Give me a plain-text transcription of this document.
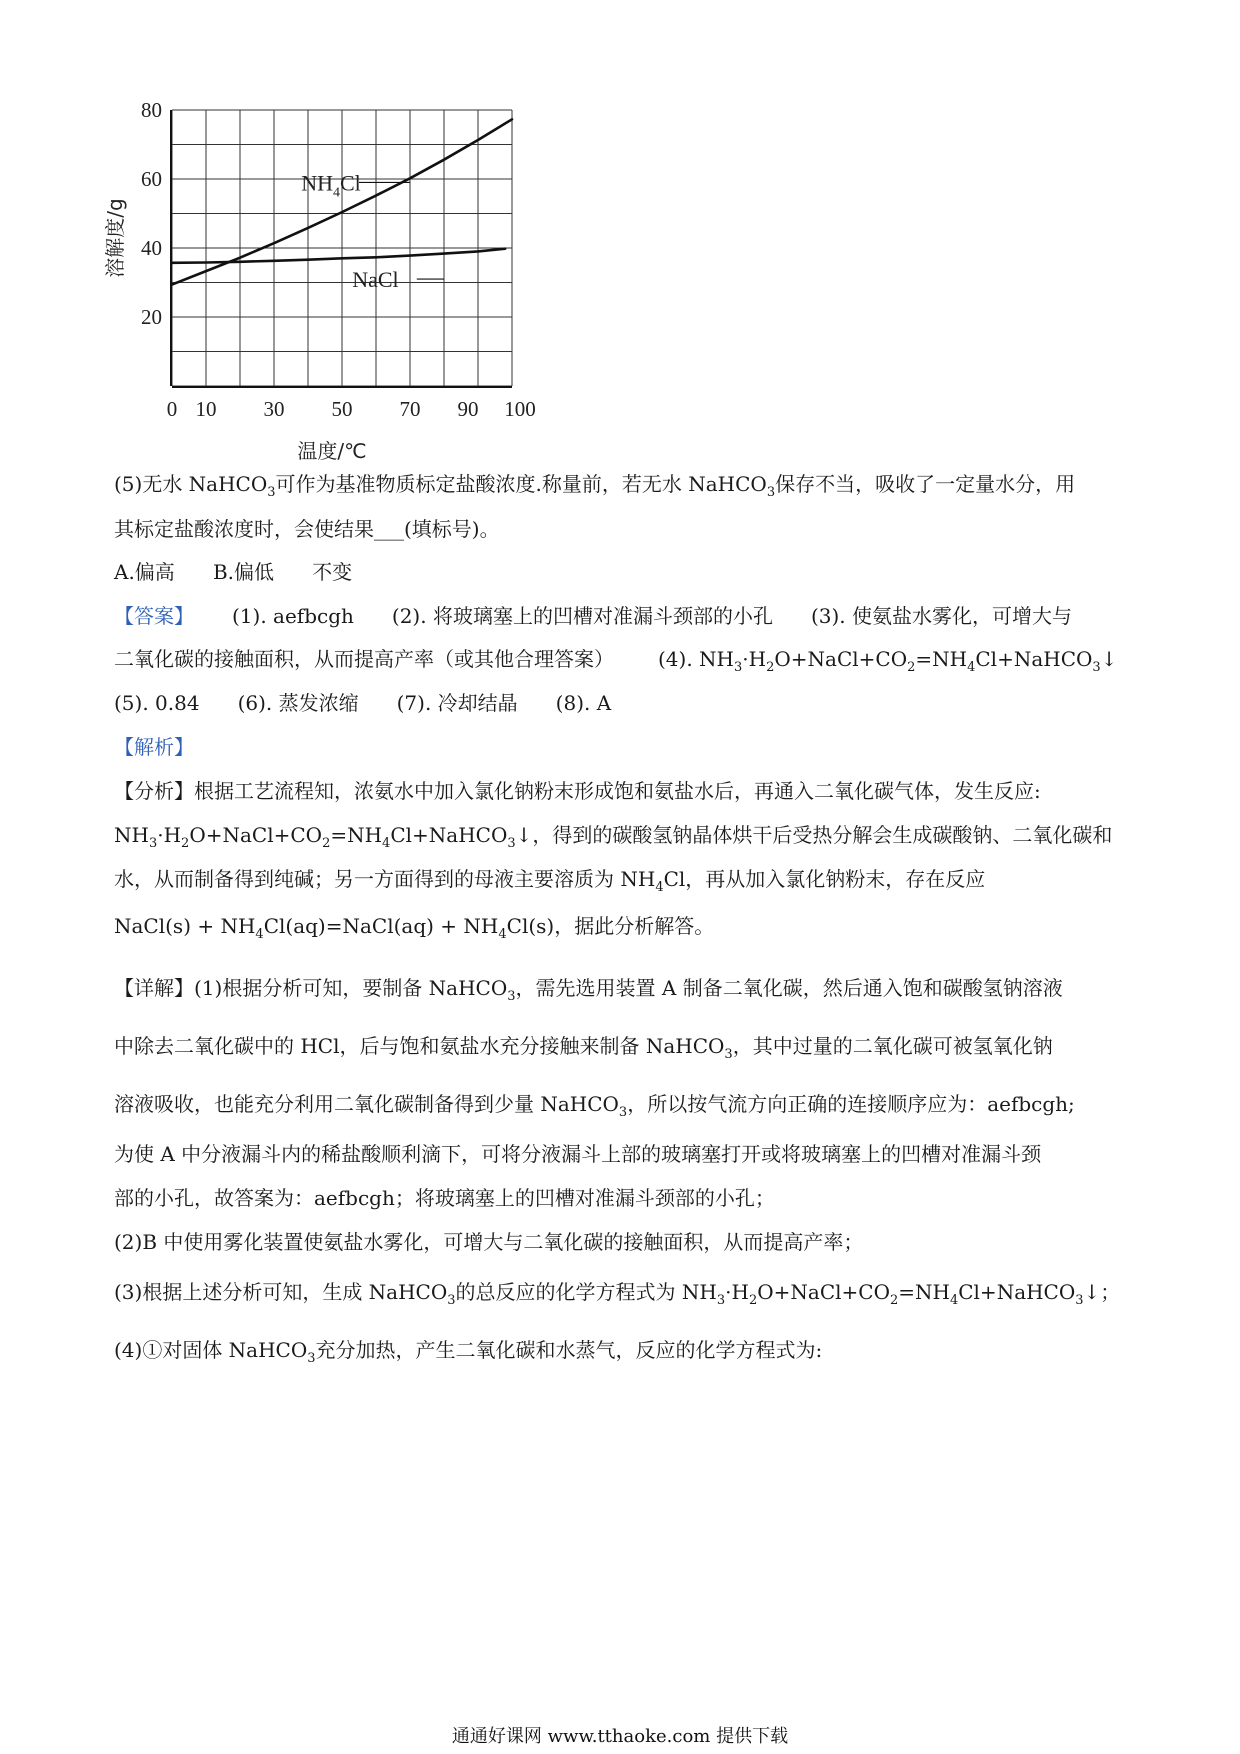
20
40
60
80
0 10 30 50 70 90 100
温度/℃
溶解度/g
$NH_4Cl$
NaCl
(5)无水 NaHCO$_3$可作为基准物质标定盐酸浓度.称量前，若无水 NaHCO$_3$保存不当，吸收了一定量水分，用
其标定盐酸浓度时，会使结果___(填标号)。
A.偏高      B.偏低      不变
【答案】 (1). aefbcgh (2). 将玻璃塞上的凹槽对准漏斗颈部的小孔 (3). 使氨盐水雾化，可增大与
二氧化碳的接触面积，从而提高产率（或其他合理答案） (4). $NH_3\cdot H_2O+NaCl+CO_2=NH_4Cl+NaHCO_3↓$
(5). 0.84 (6). 蒸发浓缩 (7). 冷却结晶 (8). A
【解析】
【分析】根据工艺流程知，浓氨水中加入氯化钠粉末形成饱和氨盐水后，再通入二氧化碳气体，发生反应:
$NH_3\cdot H_2O+NaCl+CO_2=NH_4Cl+NaHCO_3↓$，得到的碳酸氢钠晶体烘干后受热分解会生成碳酸钠、二氧化碳和
水，从而制备得到纯碱；另一方面得到的母液主要溶质为 $NH_4Cl$，再从加入氯化钠粉末，存在反应
NaCl(s) + $NH_4Cl(aq)=NaCl(aq) + NH_4Cl(s)$，据此分析解答。
【详解】(1)根据分析可知，要制备 NaHCO$_3$，需先选用装置 A 制备二氧化碳，然后通入饱和碳酸氢钠溶液
中除去二氧化碳中的 HCl，后与饱和氨盐水充分接触来制备 NaHCO$_3$，其中过量的二氧化碳可被氢氧化钠
溶液吸收，也能充分利用二氧化碳制备得到少量 NaHCO$_3$，所以按气流方向正确的连接顺序应为：aefbcgh;
为使 A 中分液漏斗内的稀盐酸顺利滴下，可将分液漏斗上部的玻璃塞打开或将玻璃塞上的凹槽对准漏斗颈
部的小孔，故答案为：aefbcgh；将玻璃塞上的凹槽对准漏斗颈部的小孔；
(2)B 中使用雾化装置使氨盐水雾化，可增大与二氧化碳的接触面积，从而提高产率；
(3)根据上述分析可知，生成 NaHCO$_3$的总反应的化学方程式为 $NH_3\cdot H_2O+NaCl+CO_2=NH_4Cl+NaHCO_3↓$；
(4)①对固体 NaHCO$_3$充分加热，产生二氧化碳和水蒸气，反应的化学方程式为:
通通好课网 www.tthaoke.com 提供下载
